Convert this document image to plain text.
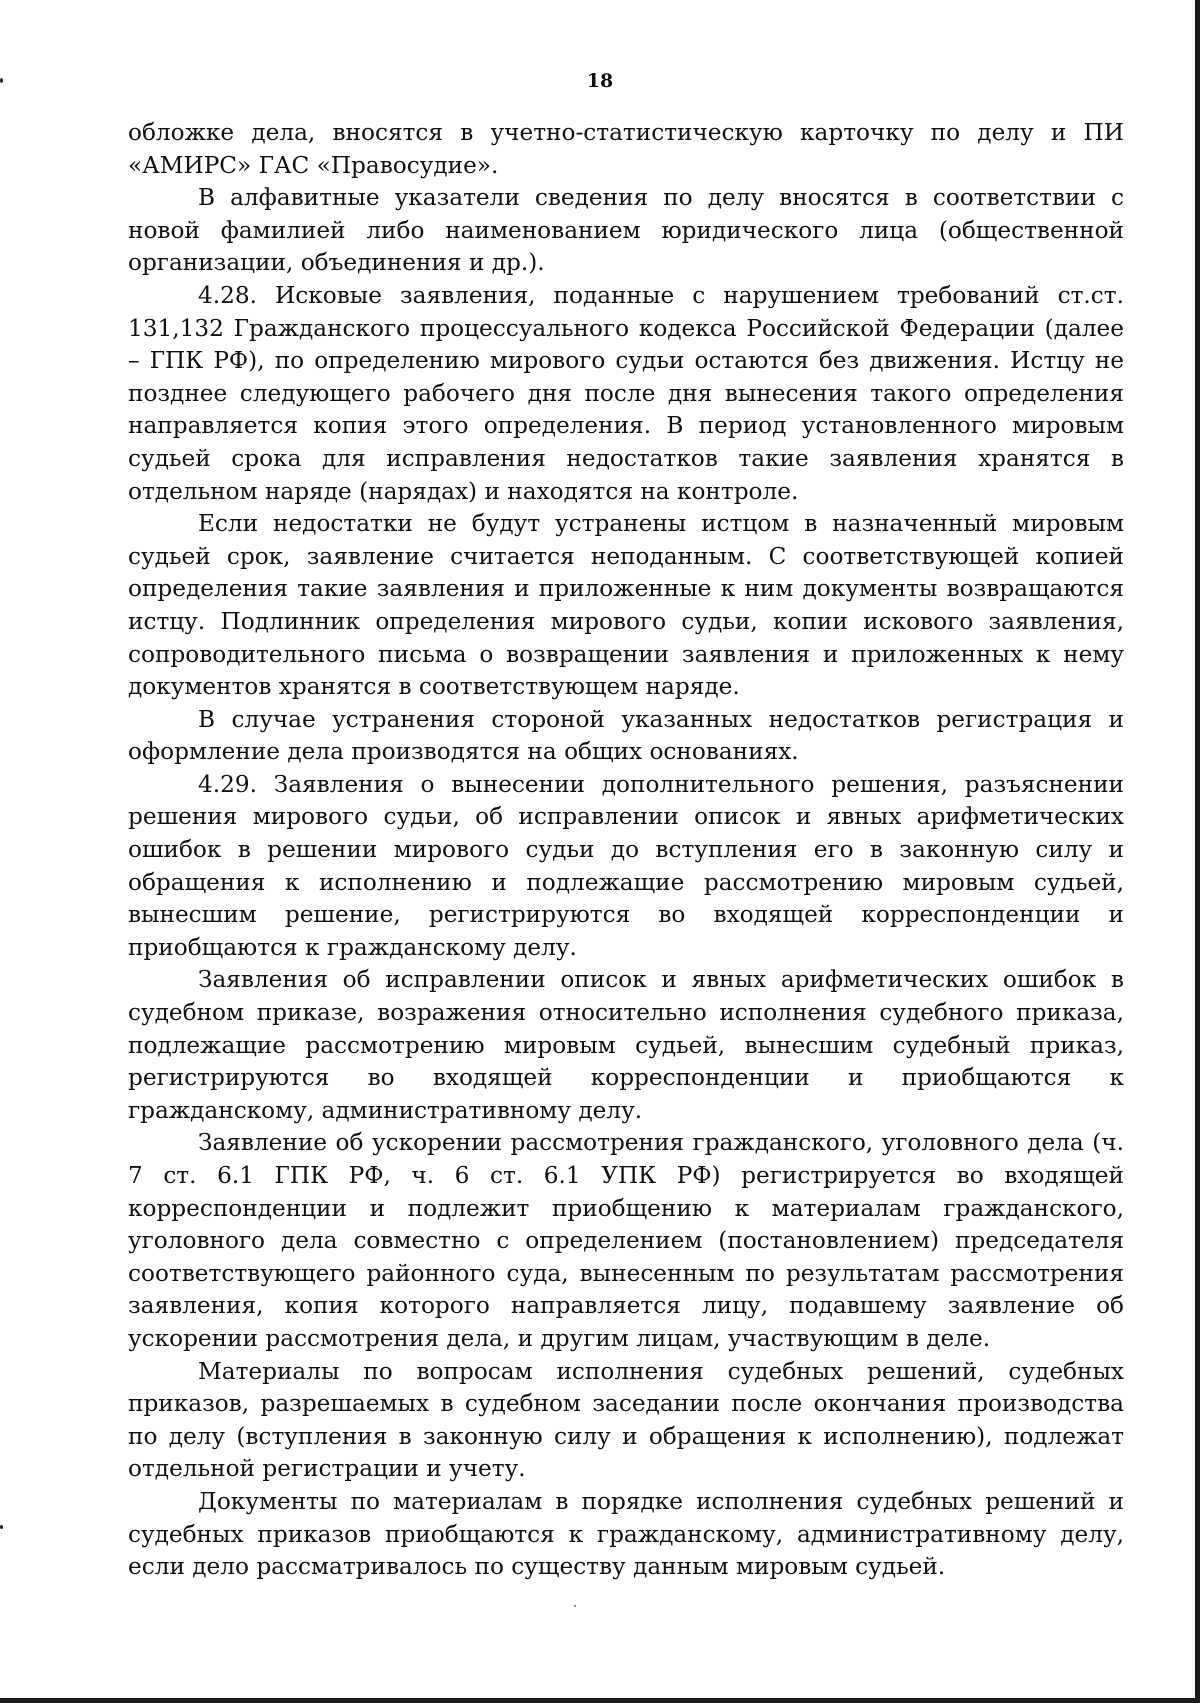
18

обложке дела, вносятся в учетно-статистическую карточку по делу и ПИ «АМИРС» ГАС «Правосудие».

В алфавитные указатели сведения по делу вносятся в соответствии с новой фамилией либо наименованием юридического лица (общественной организации, объединения и др.).

4.28. Исковые заявления, поданные с нарушением требований ст.ст. 131,132 Гражданского процессуального кодекса Российской Федерации (далее – ГПК РФ), по определению мирового судьи остаются без движения. Истцу не позднее следующего рабочего дня после дня вынесения такого определения направляется копия этого определения. В период установленного мировым судьей срока для исправления недостатков такие заявления хранятся в отдельном наряде (нарядах) и находятся на контроле.

Если недостатки не будут устранены истцом в назначенный мировым судьей срок, заявление считается неподанным. С соответствующей копией определения такие заявления и приложенные к ним документы возвращаются истцу. Подлинник определения мирового судьи, копии искового заявления, сопроводительного письма о возвращении заявления и приложенных к нему документов хранятся в соответствующем наряде.

В случае устранения стороной указанных недостатков регистрация и оформление дела производятся на общих основаниях.

4.29. Заявления о вынесении дополнительного решения, разъяснении решения мирового судьи, об исправлении описок и явных арифметических ошибок в решении мирового судьи до вступления его в законную силу и обращения к исполнению и подлежащие рассмотрению мировым судьей, вынесшим решение, регистрируются во входящей корреспонденции и приобщаются к гражданскому делу.

Заявления об исправлении описок и явных арифметических ошибок в судебном приказе, возражения относительно исполнения судебного приказа, подлежащие рассмотрению мировым судьей, вынесшим судебный приказ, регистрируются во входящей корреспонденции и приобщаются к гражданскому, административному делу.

Заявление об ускорении рассмотрения гражданского, уголовного дела (ч. 7 ст. 6.1 ГПК РФ, ч. 6 ст. 6.1 УПК РФ) регистрируется во входящей корреспонденции и подлежит приобщению к материалам гражданского, уголовного дела совместно с определением (постановлением) председателя соответствующего районного суда, вынесенным по результатам рассмотрения заявления, копия которого направляется лицу, подавшему заявление об ускорении рассмотрения дела, и другим лицам, участвующим в деле.

Материалы по вопросам исполнения судебных решений, судебных приказов, разрешаемых в судебном заседании после окончания производства по делу (вступления в законную силу и обращения к исполнению), подлежат отдельной регистрации и учету.

Документы по материалам в порядке исполнения судебных решений и судебных приказов приобщаются к гражданскому, административному делу, если дело рассматривалось по существу данным мировым судьей.
